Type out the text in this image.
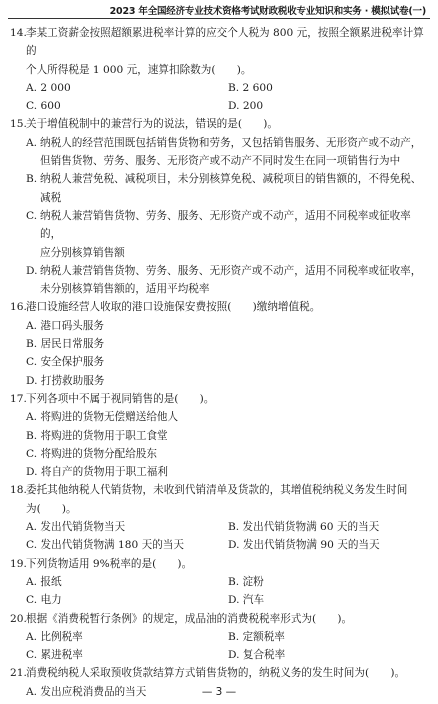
2023 年全国经济专业技术资格考试财政税收专业知识和实务 · 模拟试卷(一)
14. 李某工资薪金按照超额累进税率计算的应交个人税为 800 元，按照全额累进税率计算的
个人所得税是 1 000 元，速算扣除数为(　　)。
A. 2 000	B. 2 600
C. 600	D. 200
15. 关于增值税制中的兼营行为的说法，错误的是(　　)。
A. 纳税人的经营范围既包括销售货物和劳务，又包括销售服务、无形资产或不动产，
但销售货物、劳务、服务、无形资产或不动产不同时发生在同一项销售行为中
B. 纳税人兼营免税、减税项目，未分别核算免税、减税项目的销售额的，不得免税、
减税
C. 纳税人兼营销售货物、劳务、服务、无形资产或不动产，适用不同税率或征收率的，
应分别核算销售额
D. 纳税人兼营销售货物、劳务、服务、无形资产或不动产，适用不同税率或征收率，
未分别核算销售额的，适用平均税率
16. 港口设施经营人收取的港口设施保安费按照(　　)缴纳增值税。
A. 港口码头服务
B. 居民日常服务
C. 安全保护服务
D. 打捞救助服务
17. 下列各项中不属于视同销售的是(　　)。
A. 将购进的货物无偿赠送给他人
B. 将购进的货物用于职工食堂
C. 将购进的货物分配给股东
D. 将自产的货物用于职工福利
18. 委托其他纳税人代销货物，未收到代销清单及货款的，其增值税纳税义务发生时间
为(　　)。
A. 发出代销货物当天	B. 发出代销货物满 60 天的当天
C. 发出代销货物满 180 天的当天	D. 发出代销货物满 90 天的当天
19. 下列货物适用 9%税率的是(　　)。
A. 报纸	B. 淀粉
C. 电力	D. 汽车
20. 根据《消费税暂行条例》的规定，成品油的消费税税率形式为(　　)。
A. 比例税率	B. 定额税率
C. 累进税率	D. 复合税率
21. 消费税纳税人采取预收货款结算方式销售货物的，纳税义务的发生时间为(　　)。
A. 发出应税消费品的当天	— 3 —
